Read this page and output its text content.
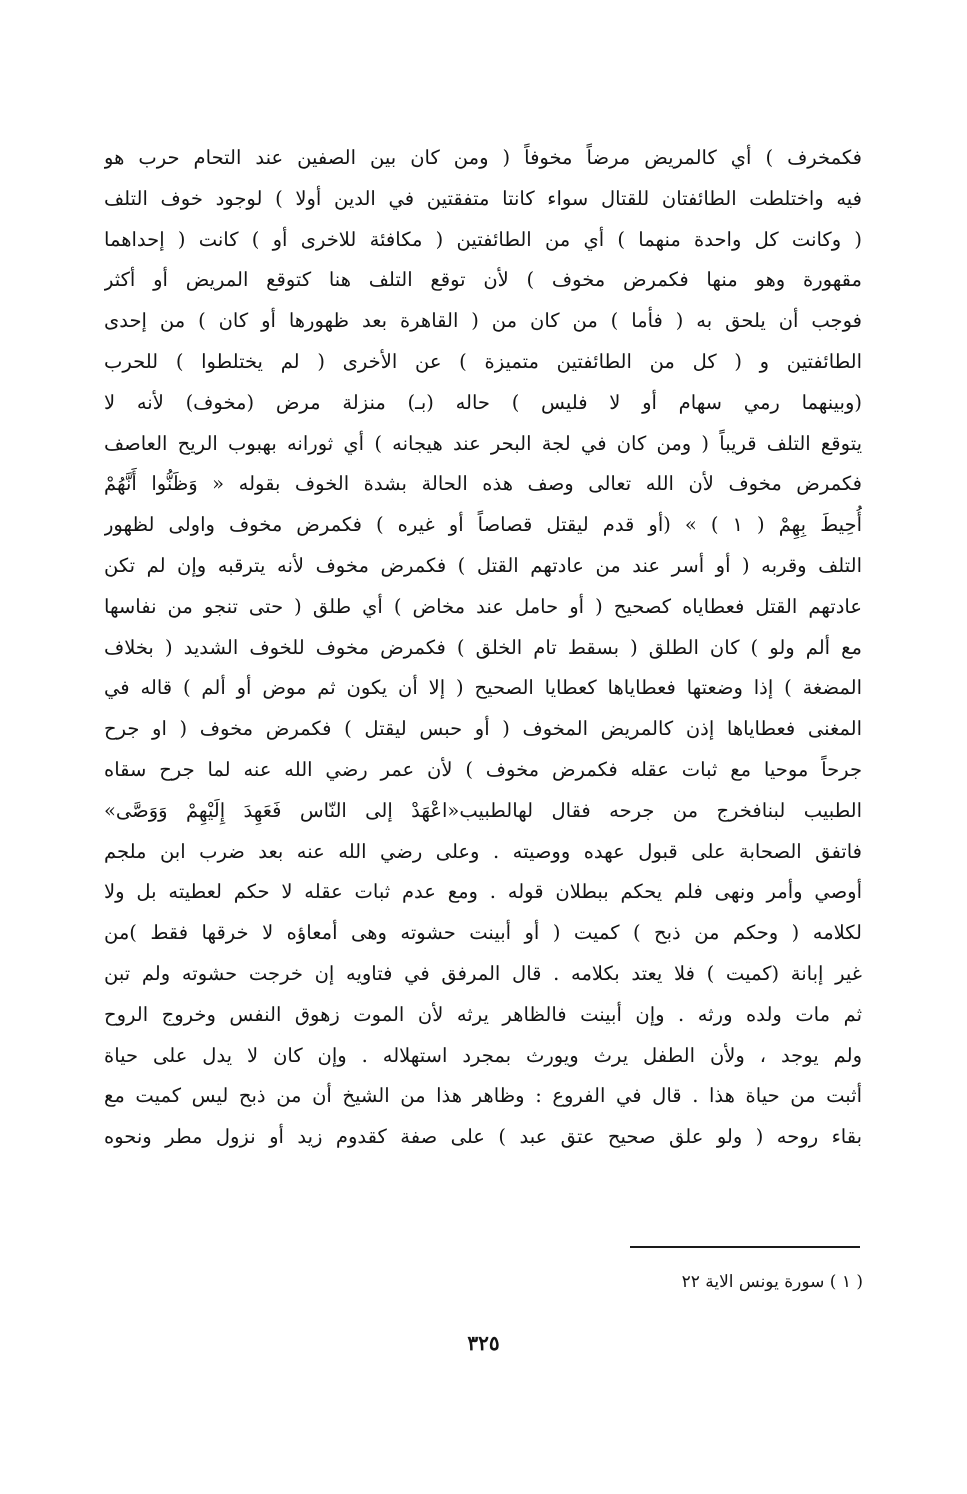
فكمخرف ) أي كالمريض مرضاً مخوفاً ( ومن كان بين الصفين عند التحام حرب هو
فيه واختلطت الطائفتان للقتال سواء كانتا متفقتين في الدين أولا ) لوجود خوف التلف
( وكانت كل واحدة منهما ) أي من الطائفتين ( مكافئة للاخرى أو ) كانت ( إحداهما
مقهورة وهو منها فكمرض مخوف ) لأن توقع التلف هنا كتوقع المريض أو أكثر
فوجب أن يلحق به ( فأما ) من كان من ( القاهرة بعد ظهورها أو كان ) من إحدى
الطائفتين و ( كل من الطائفتين متميزة ) عن الأخرى ( لم يختلطوا ) للحرب
(وبينهما رمي سهام أو لا فليس ) حاله (بـ) منزلة مرض (مخوف) لأنه لا
يتوقع التلف قريباً ( ومن كان في لجة البحر عند هيجانه ) أي ثورانه بهبوب الريح العاصف
فكمرض مخوف لأن الله تعالى وصف هذه الحالة بشدة الخوف بقوله « وَظَنُّوا أَنَّهُمْ
أُحِيطَ بِهِمْ ( ١ ) » (أو قدم ليقتل قصاصاً أو غيره ) فكمرض مخوف واولى لظهور
التلف وقربه ( أو أسر عند من عادتهم القتل ) فكمرض مخوف لأنه يترقبه وإن لم تكن
عادتهم القتل فعطاياه كصحيح ( أو حامل عند مخاض ) أي طلق ( حتى تنجو من نفاسها
مع ألم ولو ) كان الطلق ( بسقط تام الخلق ) فكمرض مخوف للخوف الشديد ( بخلاف
المضغة ) إذا وضعتها فعطاياها كعطايا الصحيح ( إلا أن يكون ثم موض أو ألم ) قاله في
المغنى فعطاياها إذن كالمريض المخوف ( أو حبس ليقتل ) فكمرض مخوف ( او جرح
جرحاً موحيا مع ثبات عقله فكمرض مخوف ) لأن عمر رضي الله عنه لما جرح سقاه
الطبيب لبنافخرج من جرحه فقال لهالطبيب«اعْهَدْ إلى النّاس فَعَهِدَ إِلَيْهِمْ وَوَصَّى»
فاتفق الصحابة على قبول عهده ووصيته . وعلى رضي الله عنه بعد ضرب ابن ملجم
أوصي وأمر ونهى فلم يحكم ببطلان قوله . ومع عدم ثبات عقله لا حكم لعطيته بل ولا
لكلامه ( وحكم من ذبح ) كميت ( أو أبينت حشوته وهى أمعاؤه لا خرقها فقط )من
غير إبانة (كميت ) فلا يعتد بكلامه . قال المرفق في فتاويه إن خرجت حشوته ولم تبن
ثم مات ولده ورثه . وإن أبينت فالظاهر يرثه لأن الموت زهوق النفس وخروج الروح
ولم يوجد ، ولأن الطفل يرث ويورث بمجرد استهلاله . وإن كان لا يدل على حياة
أثبت من حياة هذا . قال في الفروع : وظاهر هذا من الشيخ أن من ذبح ليس كميت مع
بقاء روحه ( ولو علق صحيح عتق عبد ) على صفة كقدوم زيد أو نزول مطر ونحوه
( ١ ) سورة يونس الاية ٢٢
٣٢٥
